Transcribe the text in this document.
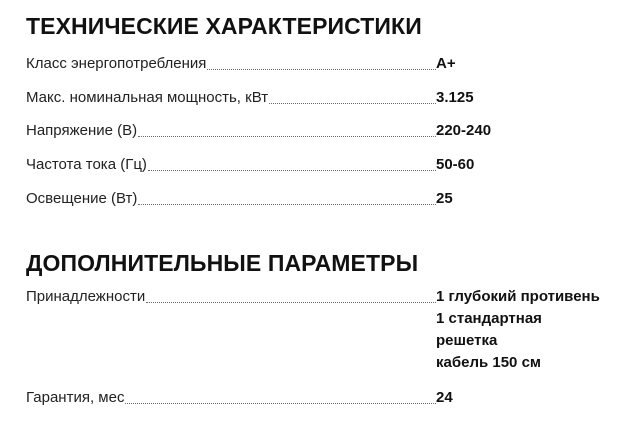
ТЕХНИЧЕСКИЕ ХАРАКТЕРИСТИКИ
Класс энергопотребления	A+
Макс. номинальная мощность, кВт	3.125
Напряжение (В)	220-240
Частота тока (Гц)	50-60
Освещение (Вт)	25
ДОПОЛНИТЕЛЬНЫЕ ПАРАМЕТРЫ
Принадлежности	1 глубокий противень
1 стандартная
решетка
кабель 150 см
Гарантия, мес	24
